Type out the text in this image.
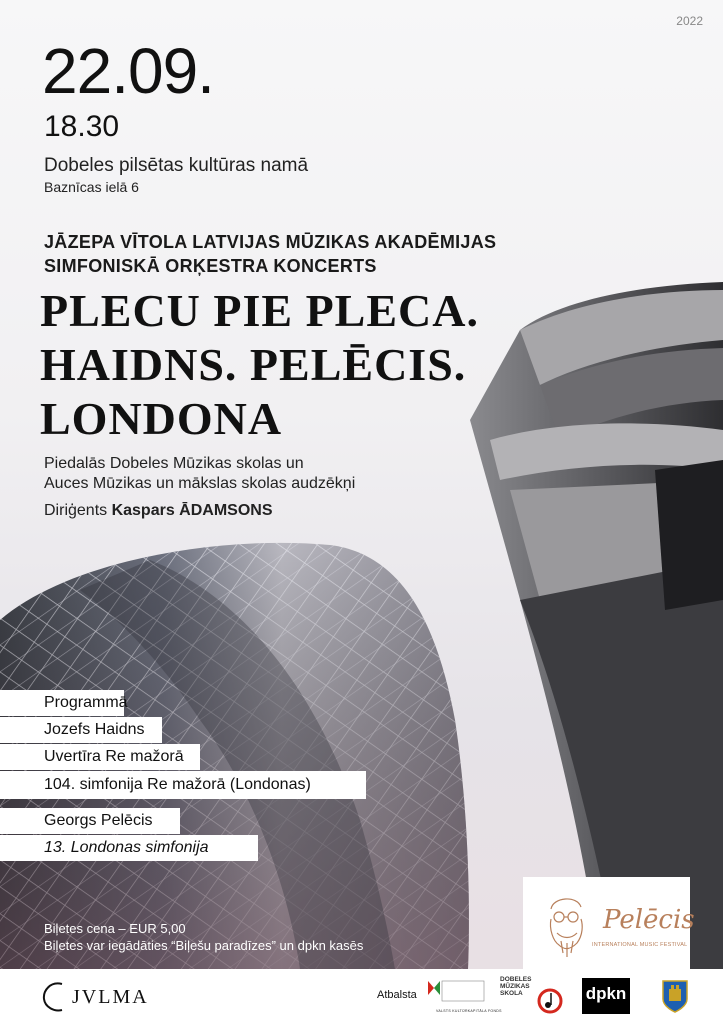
2022
22.09.
18.30
Dobeles pilsētas kultūras namā
Baznīcas ielā 6
JĀZEPA VĪTOLA LATVIJAS MŪZIKAS AKADĒMIJAS
SIMFONISKĀ ORĶESTRA KONCERTS
PLECU PIE PLECA.
HAIDNS. PELĒCIS.
LONDONA
Piedalās Dobeles Mūzikas skolas un
Auces Mūzikas un mākslas skolas audzēkņi
Diriģents Kaspars ĀDAMSONS
Programmā
Jozefs Haidns
Uvertīra Re mažorā
104. simfonija Re mažorā (Londonas)
Georgs Pelēcis
13. Londonas simfonija
Biļetes cena – EUR 5,00
Biļetes var iegādāties “Biļešu paradīzes” un dpkn kasēs
Pelēcis
INTERNATIONAL MUSIC FESTIVAL
JVLMA	Atbalsta
VALSTS KULTŪRKAPITĀLA FONDS
DOBELES
MŪZIKAS
SKOLA	dpkn
